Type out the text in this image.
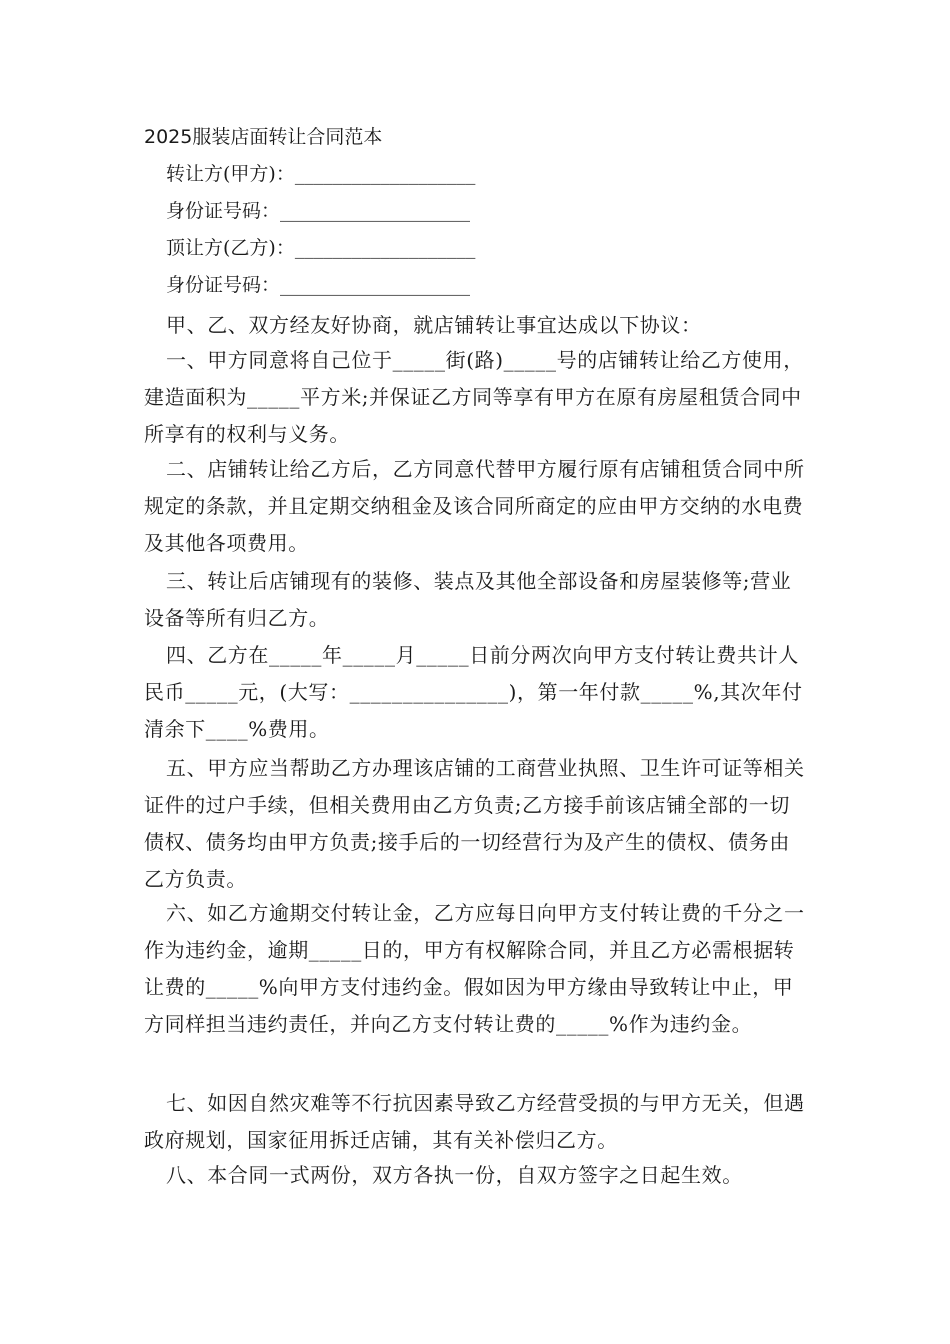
2025服装店面转让合同范本
转让方(甲方)：___________________
身份证号码：____________________
顶让方(乙方)：___________________
身份证号码：____________________
甲、乙、双方经友好协商，就店铺转让事宜达成以下协议：
一、甲方同意将自己位于_____街(路)_____号的店铺转让给乙方使用，建造面积为_____平方米;并保证乙方同等享有甲方在原有房屋租赁合同中所享有的权利与义务。
二、店铺转让给乙方后，乙方同意代替甲方履行原有店铺租赁合同中所规定的条款，并且定期交纳租金及该合同所商定的应由甲方交纳的水电费及其他各项费用。
三、转让后店铺现有的装修、装点及其他全部设备和房屋装修等;营业设备等所有归乙方。
四、乙方在_____年_____月_____日前分两次向甲方支付转让费共计人民币_____元，(大写：_______________)，第一年付款_____%,其次年付清余下____%费用。
五、甲方应当帮助乙方办理该店铺的工商营业执照、卫生许可证等相关证件的过户手续，但相关费用由乙方负责;乙方接手前该店铺全部的一切债权、债务均由甲方负责;接手后的一切经营行为及产生的债权、债务由乙方负责。
六、如乙方逾期交付转让金，乙方应每日向甲方支付转让费的千分之一作为违约金，逾期_____日的，甲方有权解除合同，并且乙方必需根据转让费的_____%向甲方支付违约金。假如因为甲方缘由导致转让中止，甲方同样担当违约责任，并向乙方支付转让费的_____%作为违约金。
七、如因自然灾难等不行抗因素导致乙方经营受损的与甲方无关，但遇政府规划，国家征用拆迁店铺，其有关补偿归乙方。
八、本合同一式两份，双方各执一份，自双方签字之日起生效。
